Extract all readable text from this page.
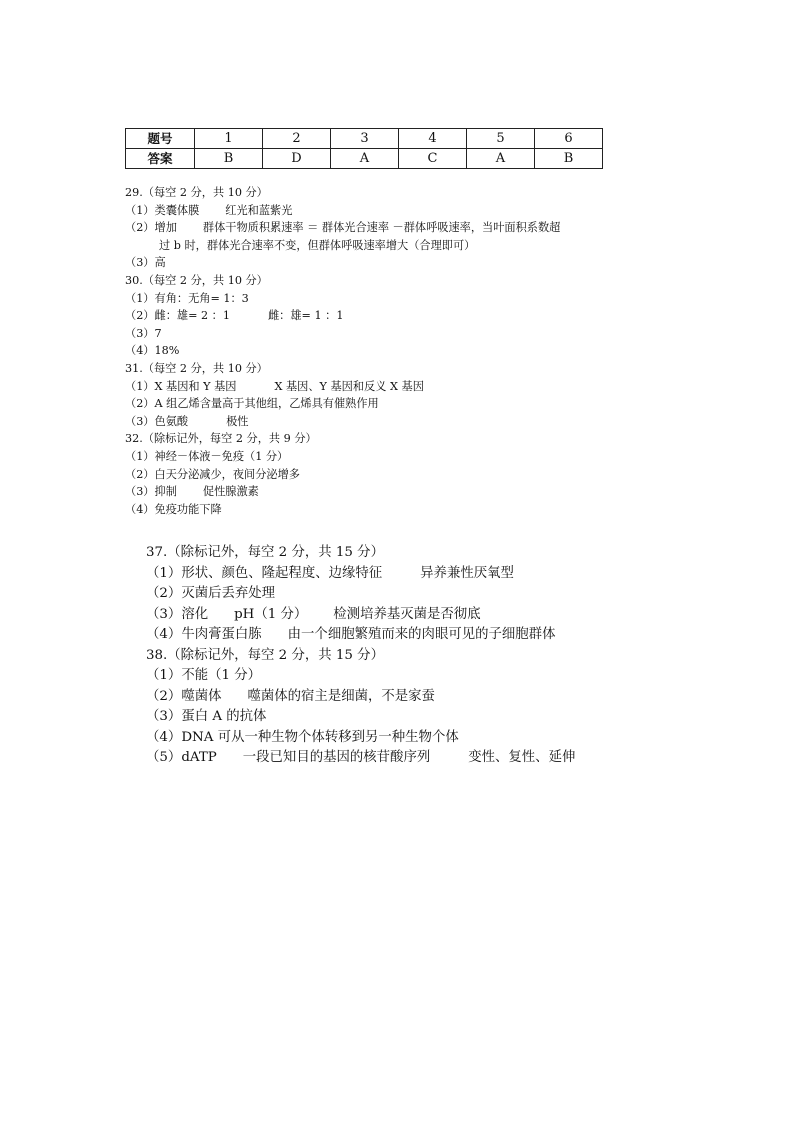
题号	1	2	3	4	5	6
答案	B	D	A	C	A	B
29.（每空 2 分，共 10 分）
（1）类囊体膜 红光和蓝紫光
（2）增加 群体干物质积累速率 ＝ 群体光合速率 －群体呼吸速率，当叶面积系数超
过 b 时，群体光合速率不变，但群体呼吸速率增大（合理即可）
（3）高
30.（每空 2 分，共 10 分）
（1）有角：无角= 1：3
（2）雌：雄= 2 ：1	雌：雄= 1 ：1
（3）7
（4）18%
31.（每空 2 分，共 10 分）
（1）X 基因和 Y 基因	X 基因、Y 基因和反义 X 基因
（2）A 组乙烯含量高于其他组，乙烯具有催熟作用
（3）色氨酸	极性
32.（除标记外，每空 2 分，共 9 分）
（1）神经－体液－免疫（1 分）
（2）白天分泌减少，夜间分泌增多
（3）抑制 促性腺激素
（4）免疫功能下降
37.（除标记外，每空 2 分，共 15 分）
（1）形状、颜色、隆起程度、边缘特征	异养兼性厌氧型
（2）灭菌后丢弃处理
（3）溶化 pH（1 分） 检测培养基灭菌是否彻底
（4）牛肉膏蛋白胨 由一个细胞繁殖而来的肉眼可见的子细胞群体
38.（除标记外，每空 2 分，共 15 分）
（1）不能（1 分）
（2）噬菌体 噬菌体的宿主是细菌，不是家蚕
（3）蛋白 A 的抗体
（4）DNA 可从一种生物个体转移到另一种生物个体
（5）dATP 一段已知目的基因的核苷酸序列	变性、复性、延伸
